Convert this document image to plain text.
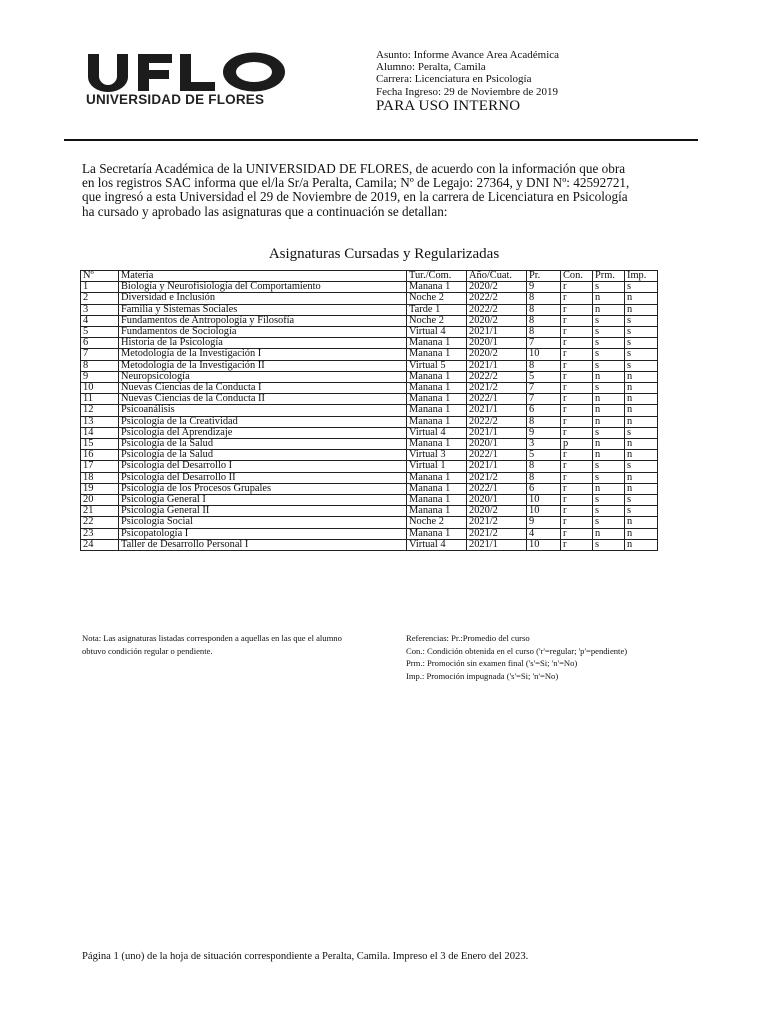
UNIVERSIDAD DE FLORES
Asunto: Informe Avance Area Académica
Alumno: Peralta, Camila
Carrera: Licenciatura en Psicología
Fecha Ingreso: 29 de Noviembre de 2019
PARA USO INTERNO
La Secretaría Académica de la UNIVERSIDAD DE FLORES, de acuerdo con la información que obra
en los registros SAC informa que el/la Sr/a Peralta, Camila; Nº de Legajo: 27364, y DNI Nº: 42592721,
que ingresó a esta Universidad el 29 de Noviembre de 2019, en la carrera de Licenciatura en Psicología
ha cursado y aprobado las asignaturas que a continuación se detallan:
Asignaturas Cursadas y Regularizadas
Nº	Materia	Tur./Com.	Año/Cuat.	Pr.	Con.	Prm.	Imp.
1	Biología y Neurofisiología del Comportamiento	Manana 1	2020/2	9	r	s	s
2	Diversidad e Inclusión	Noche 2	2022/2	8	r	n	n
3	Familia y Sistemas Sociales	Tarde 1	2022/2	8	r	n	n
4	Fundamentos de Antropología y Filosofía	Noche 2	2020/2	8	r	s	s
5	Fundamentos de Sociología	Virtual 4	2021/1	8	r	s	s
6	Historia de la Psicología	Manana 1	2020/1	7	r	s	s
7	Metodología de la Investigación I	Manana 1	2020/2	10	r	s	s
8	Metodología de la Investigación II	Virtual 5	2021/1	8	r	s	s
9	Neuropsicología	Manana 1	2022/2	5	r	n	n
10	Nuevas Ciencias de la Conducta I	Manana 1	2021/2	7	r	s	n
11	Nuevas Ciencias de la Conducta II	Manana 1	2022/1	7	r	n	n
12	Psicoanálisis	Manana 1	2021/1	6	r	n	n
13	Psicología de la Creatividad	Manana 1	2022/2	8	r	n	n
14	Psicología del Aprendizaje	Virtual 4	2021/1	9	r	s	s
15	Psicología de la Salud	Manana 1	2020/1	3	p	n	n
16	Psicología de la Salud	Virtual 3	2022/1	5	r	n	n
17	Psicología del Desarrollo I	Virtual 1	2021/1	8	r	s	s
18	Psicología del Desarrollo II	Manana 1	2021/2	8	r	s	n
19	Psicología de los Procesos Grupales	Manana 1	2022/1	6	r	n	n
20	Psicología General I	Manana 1	2020/1	10	r	s	s
21	Psicología General II	Manana 1	2020/2	10	r	s	s
22	Psicología Social	Noche 2	2021/2	9	r	s	n
23	Psicopatología I	Manana 1	2021/2	4	r	n	n
24	Taller de Desarrollo Personal I	Virtual 4	2021/1	10	r	s	n
Nota: Las asignaturas listadas corresponden a aquellas en las que el alumno
obtuvo condición regular o pendiente.
Referencias: Pr.:Promedio del curso
Con.: Condición obtenida en el curso ('r'=regular; 'p'=pendiente)
Prm.: Promoción sin examen final ('s'=Si; 'n'=No)
Imp.: Promoción impugnada ('s'=Si; 'n'=No)
Página 1 (uno) de la hoja de situación correspondiente a Peralta, Camila. Impreso el 3 de Enero del 2023.
